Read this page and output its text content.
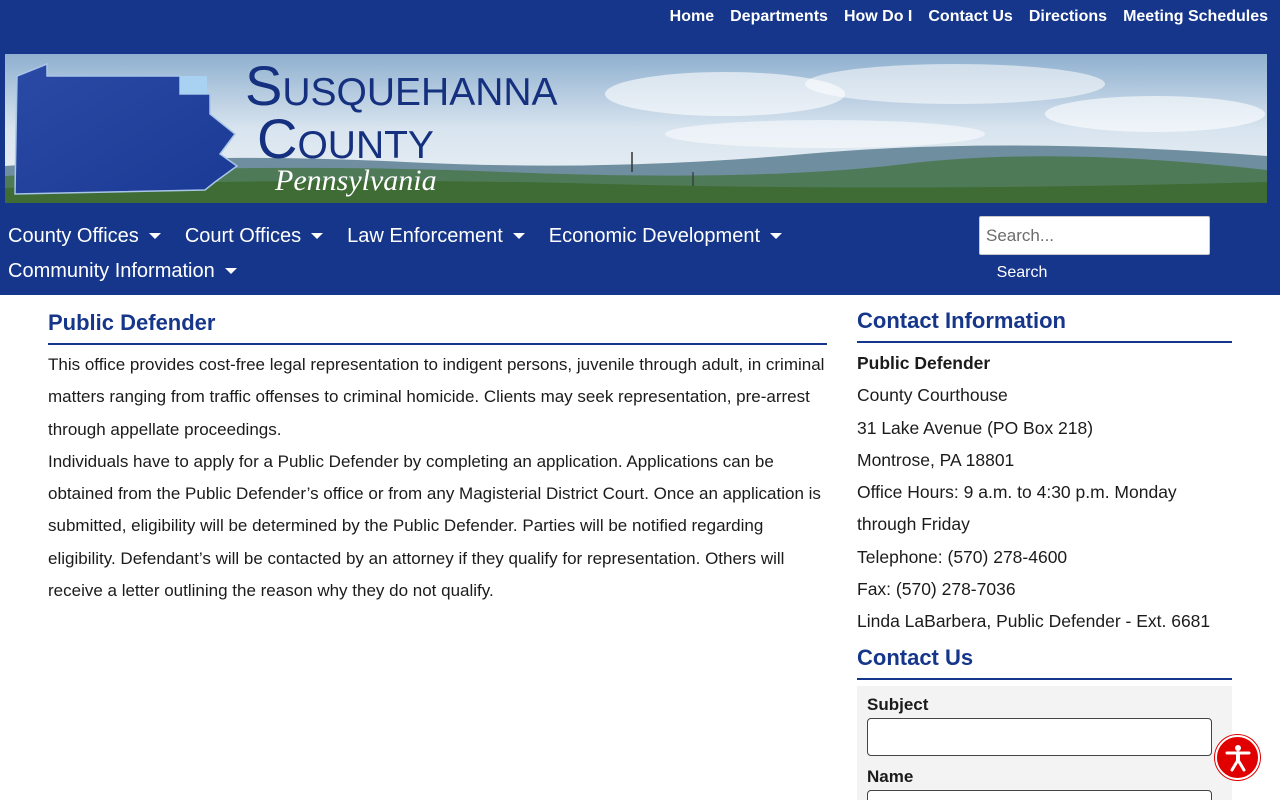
Home Departments How Do I Contact Us Directions Meeting Schedules
Susquehanna
County
Pennsylvania
County Offices Court Offices Law Enforcement Economic Development
Community Information
Search...	Search
Public Defender

This office provides cost-free legal representation to indigent persons, juvenile through adult, in criminal matters ranging from traffic offenses to criminal homicide. Clients may seek representation, pre-arrest through appellate proceedings.

Individuals have to apply for a Public Defender by completing an application. Applications can be obtained from the Public Defender’s office or from any Magisterial District Court. Once an application is submitted, eligibility will be determined by the Public Defender. Parties will be notified regarding eligibility. Defendant’s will be contacted by an attorney if they qualify for representation. Others will receive a letter outlining the reason why they do not qualify.

Contact Information
Public Defender
County Courthouse
31 Lake Avenue (PO Box 218)
Montrose, PA 18801
Office Hours: 9 a.m. to 4:30 p.m. Monday through Friday
Telephone: (570) 278-4600
Fax: (570) 278-7036
Linda LaBarbera, Public Defender - Ext. 6681
Contact Us
Subject
Name
